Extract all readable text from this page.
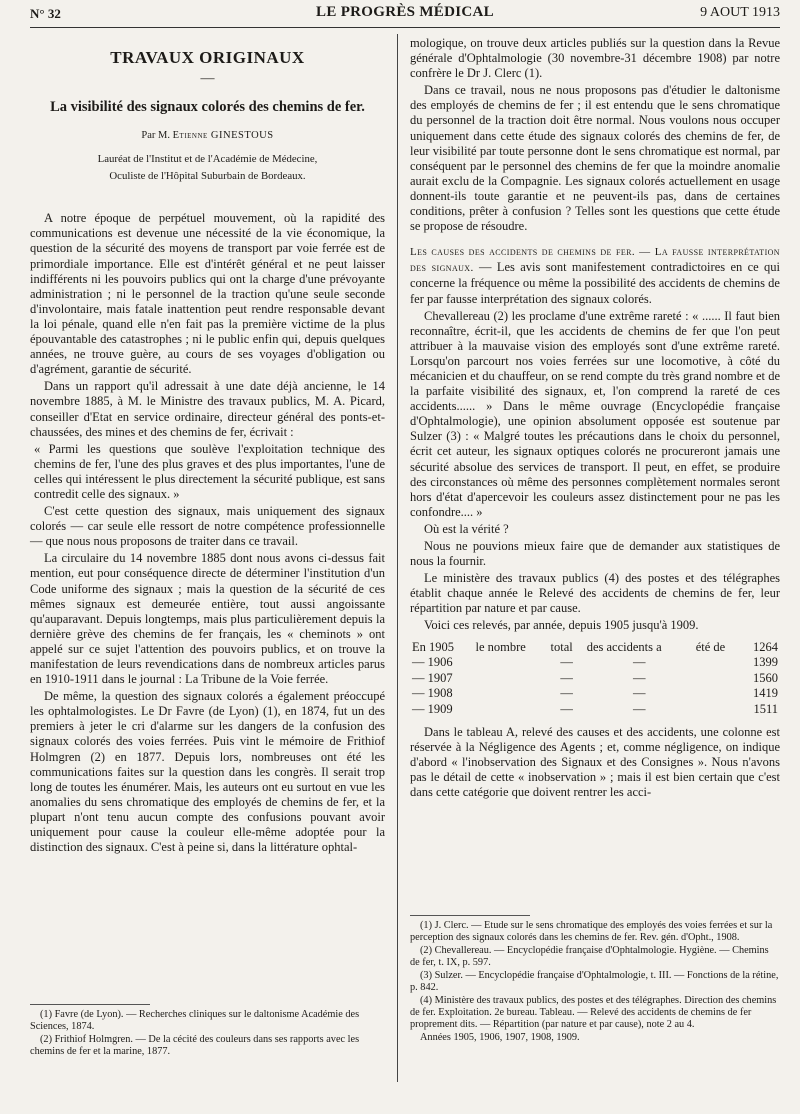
N° 32	LE PROGRÈS MÉDICAL	9 AOUT 1913
TRAVAUX ORIGINAUX
—
La visibilité des signaux colorés des chemins de fer.
Par M. Etienne GINESTOUS
Lauréat de l'Institut et de l'Académie de Médecine,
Oculiste de l'Hôpital Suburbain de Bordeaux.

A notre époque de perpétuel mouvement, où la rapidité des communications est devenue une nécessité de la vie économique, la question de la sécurité des moyens de transport par voie ferrée est de primordiale importance. Elle est d'intérêt général et ne peut laisser indifférents ni les pouvoirs publics qui ont la charge d'une prévoyante administration ; ni le personnel de la traction qu'une seule seconde d'involontaire, mais fatale inattention peut rendre responsable devant la loi pénale, quand elle n'en fait pas la première victime de la plus épouvantable des catastrophes ; ni le public enfin qui, depuis quelques années, ne trouve guère, au cours de ses voyages d'obligation ou d'agrément, garantie de sécurité.

Dans un rapport qu'il adressait à une date déjà ancienne, le 14 novembre 1885, à M. le Ministre des travaux publics, M. A. Picard, conseiller d'Etat en service ordinaire, directeur général des ponts-et-chaussées, des mines et des chemins de fer, écrivait :

« Parmi les questions que soulève l'exploitation technique des chemins de fer, l'une des plus graves et des plus importantes, l'une de celles qui intéressent le plus directement la sécurité publique, est sans contredit celle des signaux. »

C'est cette question des signaux, mais uniquement des signaux colorés — car seule elle ressort de notre compétence professionnelle — que nous nous proposons de traiter dans ce travail.

La circulaire du 14 novembre 1885 dont nous avons ci-dessus fait mention, eut pour conséquence directe de déterminer l'institution d'un Code uniforme des signaux ; mais la question de la sécurité de ces mêmes signaux est demeurée entière, tout aussi angoissante qu'auparavant. Depuis longtemps, mais plus particulièrement depuis la dernière grève des chemins de fer français, les « cheminots » ont appelé sur ce sujet l'attention des pouvoirs publics, et on trouve la manifestation de leurs revendications dans de nombreux articles parus en 1910-1911 dans le journal : La Tribune de la Voie ferrée.

De même, la question des signaux colorés a également préoccupé les ophtalmologistes. Le Dr Favre (de Lyon) (1), en 1874, fut un des premiers à jeter le cri d'alarme sur les dangers de la confusion des signaux colorés des voies ferrées. Puis vint le mémoire de Frithiof Holmgren (2) en 1877. Depuis lors, nombreuses ont été les communications faites sur la question dans les congrès. Il serait trop long de toutes les énumérer. Mais, les auteurs ont eu surtout en vue les anomalies du sens chromatique des employés de chemins de fer, et la plupart n'ont tenu aucun compte des confusions pouvant avoir uniquement pour cause la couleur elle-même adoptée pour la distinction des signaux. C'est à peine si, dans la littérature ophtal-

(1) Favre (de Lyon). — Recherches cliniques sur le daltonisme Académie des Sciences, 1874.

(2) Frithiof Holmgren. — De la cécité des couleurs dans ses rapports avec les chemins de fer et la marine, 1877.

mologique, on trouve deux articles publiés sur la question dans la Revue générale d'Ophtalmologie (30 novembre-31 décembre 1908) par notre confrère le Dr J. Clerc (1).

Dans ce travail, nous ne nous proposons pas d'étudier le daltonisme des employés de chemins de fer ; il est entendu que le sens chromatique du personnel de la traction doit être normal. Nous voulons nous occuper uniquement dans cette étude des signaux colorés des chemins de fer, de leur visibilité par toute personne dont le sens chromatique est normal, par conséquent par le personnel des chemins de fer que la moindre anomalie aurait exclu de la Compagnie. Les signaux colorés actuellement en usage donnent-ils toute garantie et ne peuvent-ils pas, dans de certaines conditions, prêter à confusion ? Telles sont les questions que cette étude se propose de résoudre.

Les causes des accidents de chemins de fer. — La fausse interprétation des signaux. — Les avis sont manifestement contradictoires en ce qui concerne la fréquence ou même la possibilité des accidents de chemins de fer par fausse interprétation des signaux colorés.

Chevallereau (2) les proclame d'une extrême rareté : « ...... Il faut bien reconnaître, écrit-il, que les accidents de chemins de fer que l'on peut attribuer à la mauvaise vision des employés sont d'une extrême rareté. Lorsqu'on parcourt nos voies ferrées sur une locomotive, à côté du mécanicien et du chauffeur, on se rend compte du très grand nombre et de la parfaite visibilité des signaux, et, l'on comprend la rareté de ces accidents...... » Dans le même ouvrage (Encyclopédie française d'Ophtalmologie), une opinion absolument opposée est soutenue par Sulzer (3) : « Malgré toutes les précautions dans le choix du personnel, écrit cet auteur, les signaux optiques colorés ne procureront jamais une sécurité absolue des services de transport. Il peut, en effet, se produire des circonstances où même des personnes complètement normales seront hors d'état d'apercevoir les couleurs assez distinctement pour ne pas les confondre.... »

Où est la vérité ?

Nous ne pouvions mieux faire que de demander aux statistiques de nous la fournir.

Le ministère des travaux publics (4) des postes et des télégraphes établit chaque année le Relevé des accidents de chemins de fer, leur répartition par nature et par cause.

Voici ces relevés, par année, depuis 1905 jusqu'à 1909.

En 1905	le nombre	total	des accidents a	été de	1264
— 1906		—	—		1399
— 1907		—	—		1560
— 1908		—	—		1419
— 1909		—	—		1511

Dans le tableau A, relevé des causes et des accidents, une colonne est réservée à la Négligence des Agents ; et, comme négligence, on indique d'abord « l'inobservation des Signaux et des Consignes ». Nous n'avons pas le détail de cette « inobservation » ; mais il est bien certain que c'est dans cette catégorie que doivent rentrer les acci-

(1) J. Clerc. — Etude sur le sens chromatique des employés des voies ferrées et sur la perception des signaux colorés dans les chemins de fer. Rev. gén. d'Opht., 1908.

(2) Chevallereau. — Encyclopédie française d'Ophtalmologie. Hygiène. — Chemins de fer, t. IX, p. 597.

(3) Sulzer. — Encyclopédie française d'Ophtalmologie, t. III. — Fonctions de la rétine, p. 842.

(4) Ministère des travaux publics, des postes et des télégraphes. Direction des chemins de fer. Exploitation. 2e bureau. Tableau. — Relevé des accidents de chemins de fer proprement dits. — Répartition (par nature et par cause), note 2 au 4.

Années 1905, 1906, 1907, 1908, 1909.
